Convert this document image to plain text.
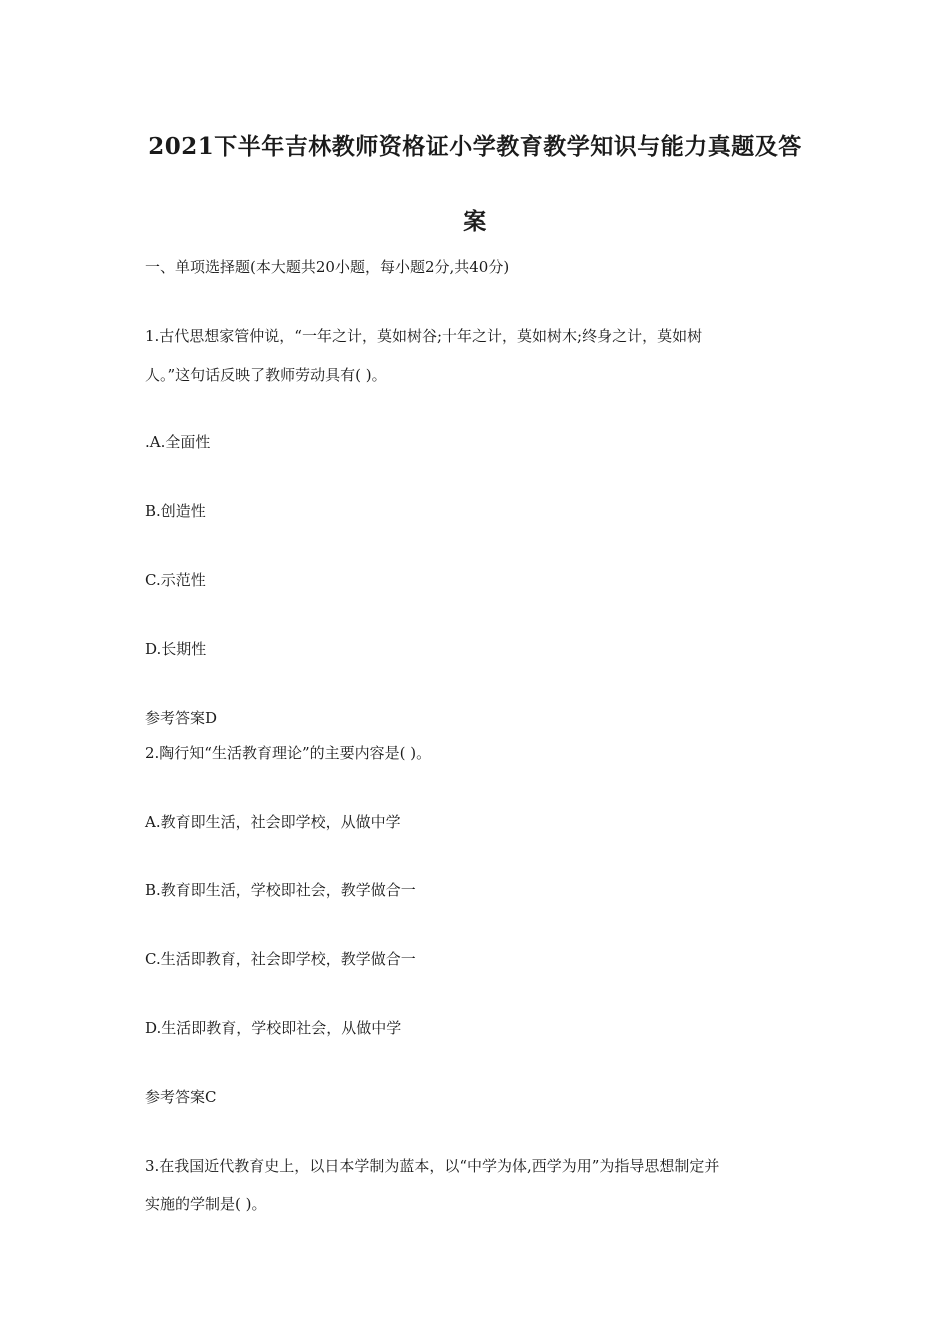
2021下半年吉林教师资格证小学教育教学知识与能力真题及答
案
一、单项选择题(本大题共20小题，每小题2分,共40分)
1.古代思想家管仲说，“一年之计，莫如树谷;十年之计，莫如树木;终身之计，莫如树
人。”这句话反映了教师劳动具有( )。
.A.全面性
B.创造性
C.示范性
D.长期性
参考答案D
2.陶行知“生活教育理论”的主要内容是( )。
A.教育即生活，社会即学校，从做中学
B.教育即生活，学校即社会，教学做合一
C.生活即教育，社会即学校，教学做合一
D.生活即教育，学校即社会，从做中学
参考答案C
3.在我国近代教育史上，以日本学制为蓝本，以“中学为体,西学为用”为指导思想制定并
实施的学制是( )。
